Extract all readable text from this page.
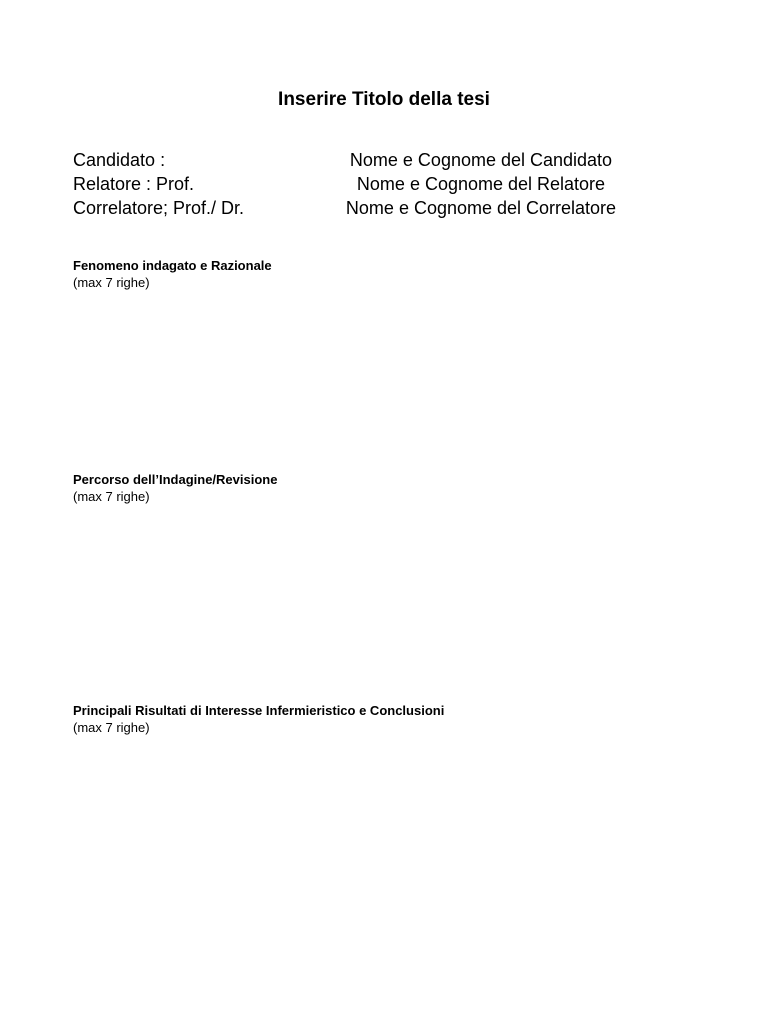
Inserire Titolo della tesi
Candidato :	Nome e Cognome del Candidato
Relatore : Prof.	Nome e Cognome del Relatore
Correlatore; Prof./ Dr.	Nome e Cognome del Correlatore
Fenomeno indagato e Razionale
(max 7 righe)
Percorso dell’Indagine/Revisione
(max 7 righe)
Principali Risultati di Interesse Infermieristico e Conclusioni
(max 7 righe)
